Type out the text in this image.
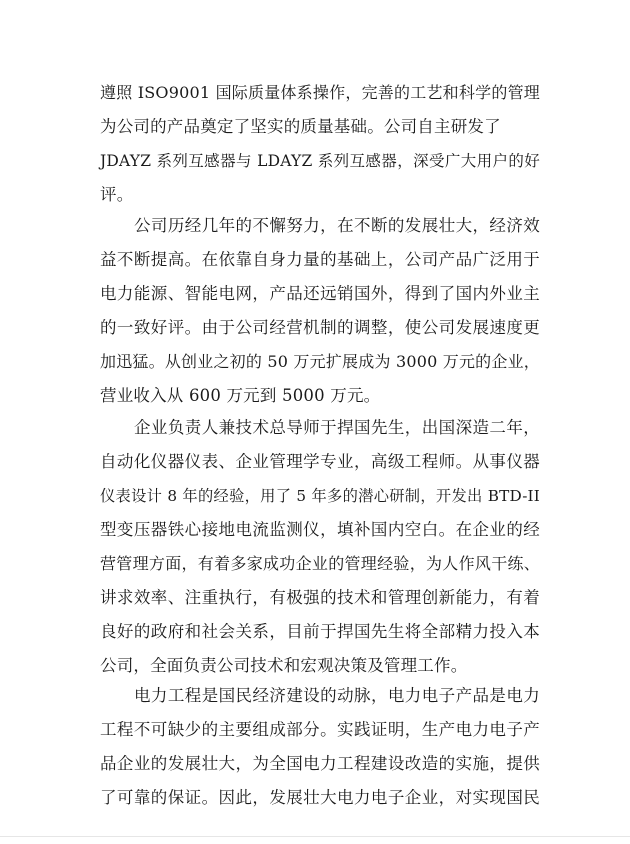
遵照 ISO9001 国际质量体系操作，完善的工艺和科学的管理
为公司的产品奠定了坚实的质量基础。公司自主研发了
JDAYZ 系列互感器与 LDAYZ 系列互感器，深受广大用户的好
评。
公司历经几年的不懈努力，在不断的发展壮大，经济效
益不断提高。在依靠自身力量的基础上，公司产品广泛用于
电力能源、智能电网，产品还远销国外，得到了国内外业主
的一致好评。由于公司经营机制的调整，使公司发展速度更
加迅猛。从创业之初的 50 万元扩展成为 3000 万元的企业，
营业收入从 600 万元到 5000 万元。
企业负责人兼技术总导师于捍国先生，出国深造二年，
自动化仪器仪表、企业管理学专业，高级工程师。从事仪器
仪表设计 8 年的经验，用了 5 年多的潜心研制，开发出 BTD-II
型变压器铁心接地电流监测仪，填补国内空白。在企业的经
营管理方面，有着多家成功企业的管理经验，为人作风干练、
讲求效率、注重执行，有极强的技术和管理创新能力，有着
良好的政府和社会关系，目前于捍国先生将全部精力投入本
公司，全面负责公司技术和宏观决策及管理工作。
电力工程是国民经济建设的动脉，电力电子产品是电力
工程不可缺少的主要组成部分。实践证明，生产电力电子产
品企业的发展壮大，为全国电力工程建设改造的实施，提供
了可靠的保证。因此，发展壮大电力电子企业，对实现国民
